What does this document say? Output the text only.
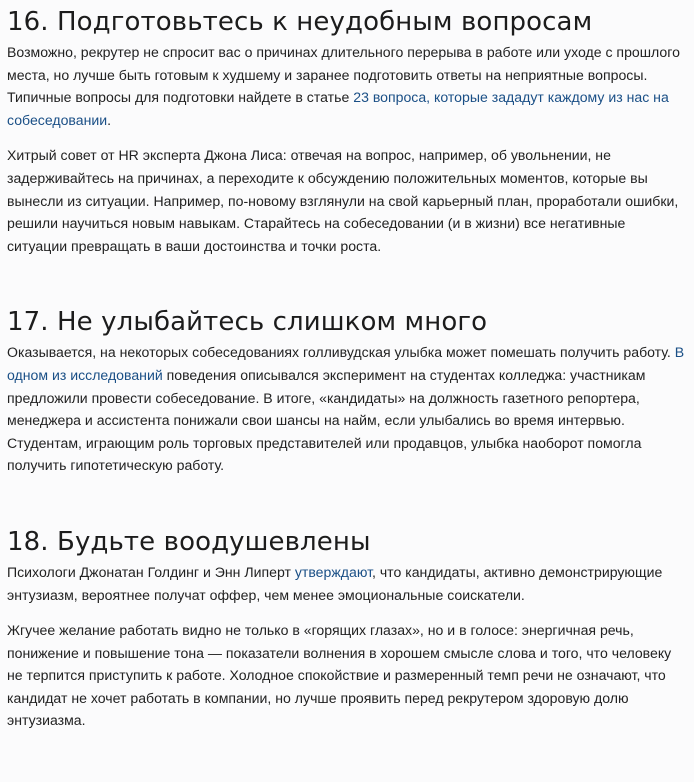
16. Подготовьтесь к неудобным вопросам

Возможно, рекрутер не спросит вас о причинах длительного перерыва в работе или уходе с прошлого места, но лучше быть готовым к худшему и заранее подготовить ответы на неприятные вопросы. Типичные вопросы для подготовки найдете в статье 23 вопроса, которые зададут каждому из нас на собеседовании.

Хитрый совет от HR эксперта Джона Лиса: отвечая на вопрос, например, об увольнении, не задерживайтесь на причинах, а переходите к обсуждению положительных моментов, которые вы вынесли из ситуации. Например, по-новому взглянули на свой карьерный план, проработали ошибки, решили научиться новым навыкам. Старайтесь на собеседовании (и в жизни) все негативные ситуации превращать в ваши достоинства и точки роста.

17. Не улыбайтесь слишком много

Оказывается, на некоторых собеседованиях голливудская улыбка может помешать получить работу. В одном из исследований поведения описывался эксперимент на студентах колледжа: участникам предложили провести собеседование. В итоге, «кандидаты» на должность газетного репортера, менеджера и ассистента понижали свои шансы на найм, если улыбались во время интервью. Студентам, играющим роль торговых представителей или продавцов, улыбка наоборот помогла получить гипотетическую работу.

18. Будьте воодушевлены

Психологи Джонатан Голдинг и Энн Липерт утверждают, что кандидаты, активно демонстрирующие энтузиазм, вероятнее получат оффер, чем менее эмоциональные соискатели.

Жгучее желание работать видно не только в «горящих глазах», но и в голосе: энергичная речь, понижение и повышение тона — показатели волнения в хорошем смысле слова и того, что человеку не терпится приступить к работе. Холодное спокойствие и размеренный темп речи не означают, что кандидат не хочет работать в компании, но лучше проявить перед рекрутером здоровую долю энтузиазма.
